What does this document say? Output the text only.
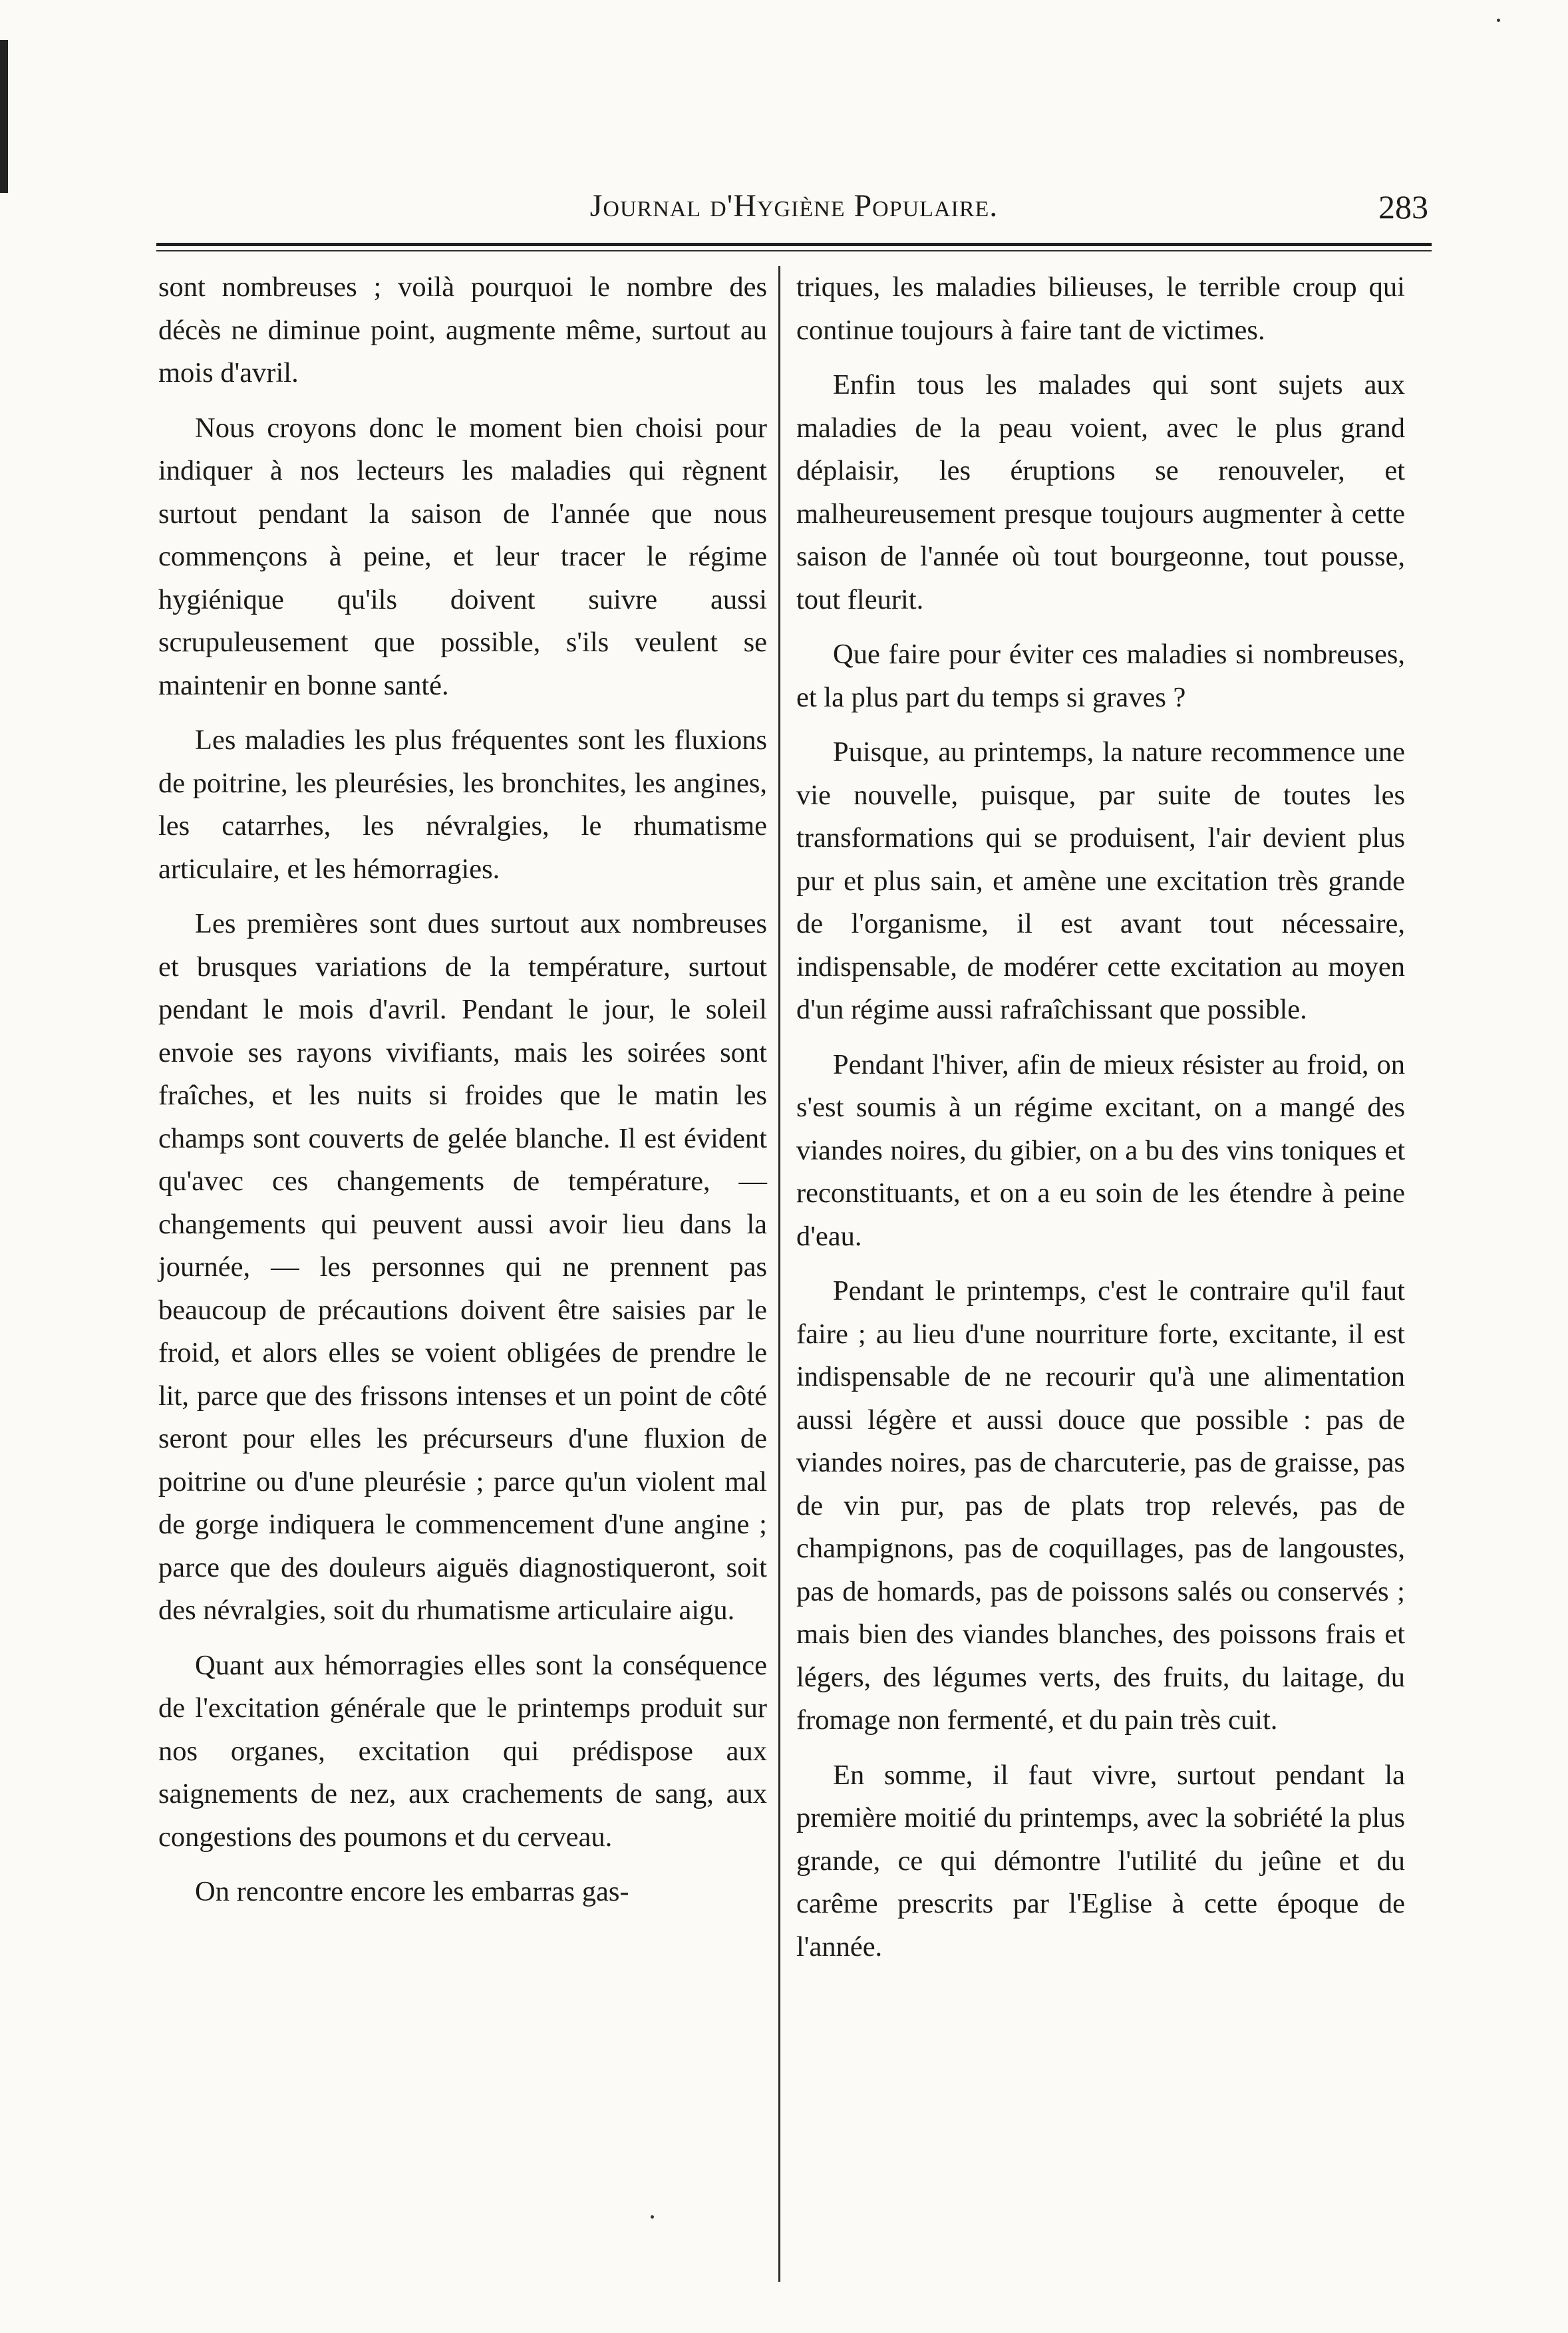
Journal d'Hygiène Populaire.	283

sont nombreuses ; voilà pourquoi le nombre des décès ne diminue point, augmente même, surtout au mois d'avril.

Nous croyons donc le moment bien choisi pour indiquer à nos lecteurs les maladies qui règnent surtout pendant la saison de l'année que nous commençons à peine, et leur tracer le régime hygiénique qu'ils doivent suivre aussi scrupuleusement que possible, s'ils veulent se maintenir en bonne santé.

Les maladies les plus fréquentes sont les fluxions de poitrine, les pleurésies, les bronchites, les angines, les catarrhes, les névralgies, le rhumatisme articulaire, et les hémorragies.

Les premières sont dues surtout aux nombreuses et brusques variations de la température, surtout pendant le mois d'avril. Pendant le jour, le soleil envoie ses rayons vivifiants, mais les soirées sont fraîches, et les nuits si froides que le matin les champs sont couverts de gelée blanche. Il est évident qu'avec ces changements de température, — changements qui peuvent aussi avoir lieu dans la journée, — les personnes qui ne prennent pas beaucoup de précautions doivent être saisies par le froid, et alors elles se voient obligées de prendre le lit, parce que des frissons intenses et un point de côté seront pour elles les précurseurs d'une fluxion de poitrine ou d'une pleurésie ; parce qu'un violent mal de gorge indiquera le commencement d'une angine ; parce que des douleurs aiguës diagnostiqueront, soit des névralgies, soit du rhumatisme articulaire aigu.

Quant aux hémorragies elles sont la conséquence de l'excitation générale que le printemps produit sur nos organes, excitation qui prédispose aux saignements de nez, aux crachements de sang, aux congestions des poumons et du cerveau.

On rencontre encore les embarras gas-

triques, les maladies bilieuses, le terrible croup qui continue toujours à faire tant de victimes.

Enfin tous les malades qui sont sujets aux maladies de la peau voient, avec le plus grand déplaisir, les éruptions se renouveler, et malheureusement presque toujours augmenter à cette saison de l'année où tout bourgeonne, tout pousse, tout fleurit.

Que faire pour éviter ces maladies si nombreuses, et la plus part du temps si graves ?

Puisque, au printemps, la nature recommence une vie nouvelle, puisque, par suite de toutes les transformations qui se produisent, l'air devient plus pur et plus sain, et amène une excitation très grande de l'organisme, il est avant tout nécessaire, indispensable, de modérer cette excitation au moyen d'un régime aussi rafraîchissant que possible.

Pendant l'hiver, afin de mieux résister au froid, on s'est soumis à un régime excitant, on a mangé des viandes noires, du gibier, on a bu des vins toniques et reconstituants, et on a eu soin de les étendre à peine d'eau.

Pendant le printemps, c'est le contraire qu'il faut faire ; au lieu d'une nourriture forte, excitante, il est indispensable de ne recourir qu'à une alimentation aussi légère et aussi douce que possible : pas de viandes noires, pas de charcuterie, pas de graisse, pas de vin pur, pas de plats trop relevés, pas de champignons, pas de coquillages, pas de langoustes, pas de homards, pas de poissons salés ou conservés ; mais bien des viandes blanches, des poissons frais et légers, des légumes verts, des fruits, du laitage, du fromage non fermenté, et du pain très cuit.

En somme, il faut vivre, surtout pendant la première moitié du printemps, avec la sobriété la plus grande, ce qui démontre l'utilité du jeûne et du carême prescrits par l'Eglise à cette époque de l'année.
